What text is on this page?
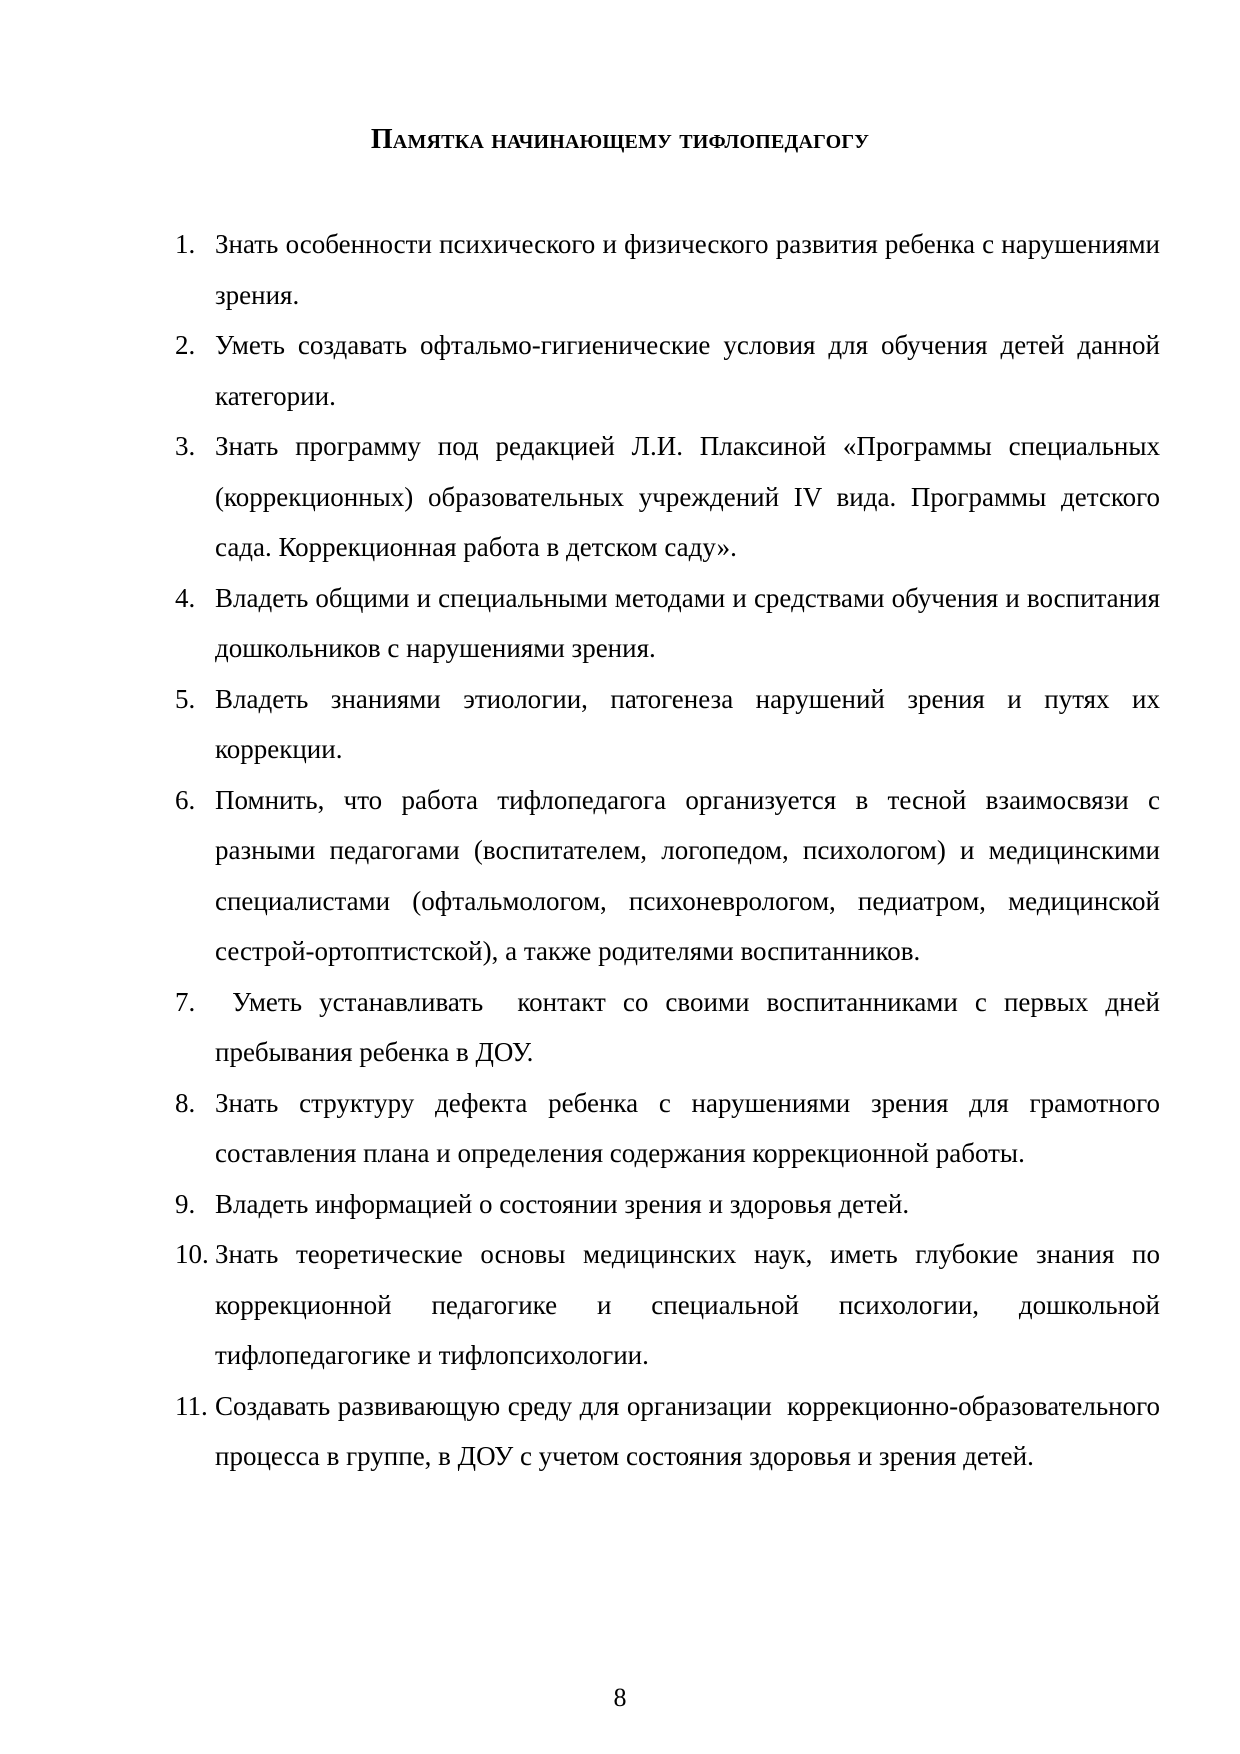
Памятка начинающему тифлопедагогу
1. Знать особенности психического и физического развития ребенка с нарушениями зрения.
2. Уметь создавать офтальмо-гигиенические условия для обучения детей данной категории.
3. Знать программу под редакцией Л.И. Плаксиной «Программы специальных (коррекционных) образовательных учреждений IV вида. Программы детского сада. Коррекционная работа в детском саду».
4. Владеть общими и специальными методами и средствами обучения и воспитания дошкольников с нарушениями зрения.
5. Владеть знаниями этиологии, патогенеза нарушений зрения и путях их коррекции.
6. Помнить, что работа тифлопедагога организуется в тесной взаимосвязи с разными педагогами (воспитателем, логопедом, психологом) и медицинскими специалистами (офтальмологом, психоневрологом, педиатром, медицинской сестрой-ортоптистской), а также родителями воспитанников.
7. Уметь устанавливать  контакт со своими воспитанниками с первых дней пребывания ребенка в ДОУ.
8. Знать структуру дефекта ребенка с нарушениями зрения для грамотного составления плана и определения содержания коррекционной работы.
9. Владеть информацией о состоянии зрения и здоровья детей.
10. Знать теоретические основы медицинских наук, иметь глубокие знания по коррекционной педагогике и специальной психологии, дошкольной тифлопедагогике и тифлопсихологии.
11. Создавать развивающую среду для организации  коррекционно-образовательного процесса в группе, в ДОУ с учетом состояния здоровья и зрения детей.
8
